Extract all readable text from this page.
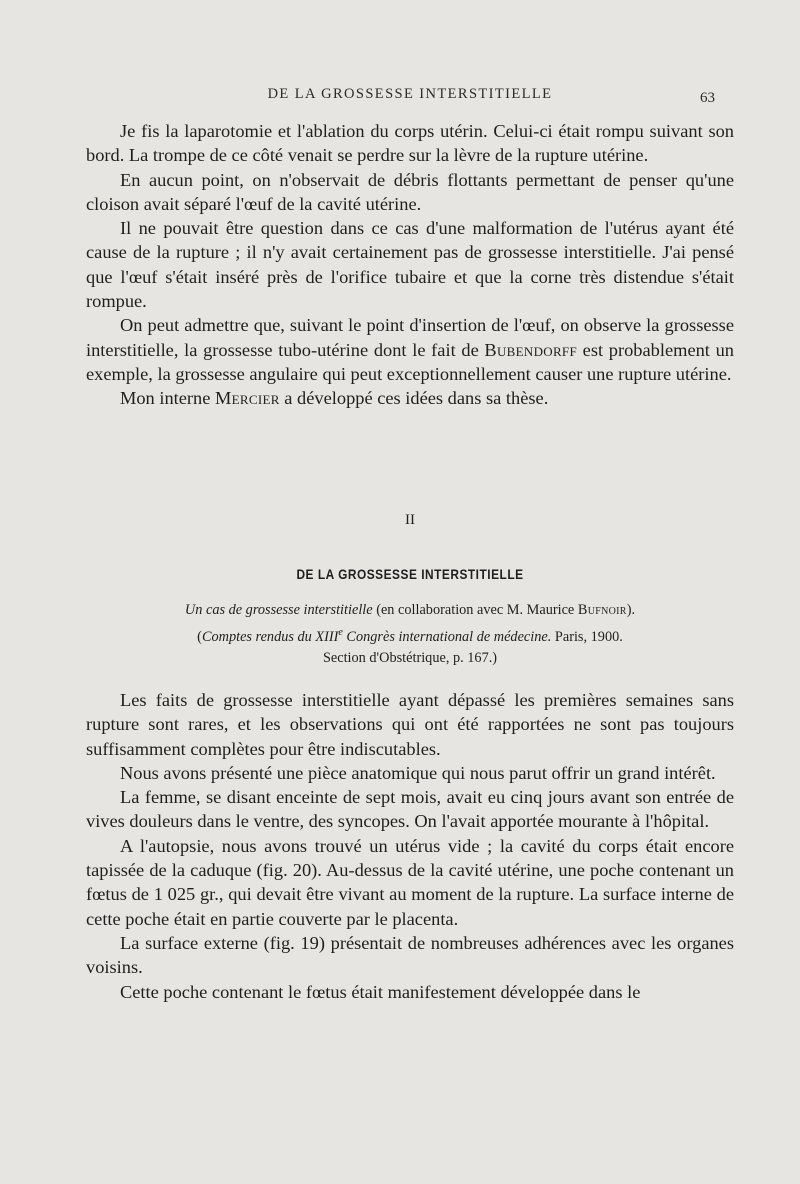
DE LA GROSSESSE INTERSTITIELLE	63

Je fis la laparotomie et l'ablation du corps utérin. Celui-ci était rompu suivant son bord. La trompe de ce côté venait se perdre sur la lèvre de la rupture utérine.

En aucun point, on n'observait de débris flottants permettant de penser qu'une cloison avait séparé l'œuf de la cavité utérine.

Il ne pouvait être question dans ce cas d'une malformation de l'utérus ayant été cause de la rupture ; il n'y avait certainement pas de grossesse interstitielle. J'ai pensé que l'œuf s'était inséré près de l'orifice tubaire et que la corne très distendue s'était rompue.

On peut admettre que, suivant le point d'insertion de l'œuf, on observe la grossesse interstitielle, la grossesse tubo-utérine dont le fait de Bubendorff est probablement un exemple, la grossesse angulaire qui peut exceptionnellement causer une rupture utérine.

Mon interne Mercier a développé ces idées dans sa thèse.

II
DE LA GROSSESSE INTERSTITIELLE
Un cas de grossesse interstitielle (en collaboration avec M. Maurice Bufnoir).
(Comptes rendus du XIIIe Congrès international de médecine. Paris, 1900.
Section d'Obstétrique, p. 167.)

Les faits de grossesse interstitielle ayant dépassé les premières semaines sans rupture sont rares, et les observations qui ont été rapportées ne sont pas toujours suffisamment complètes pour être indiscutables.

Nous avons présenté une pièce anatomique qui nous parut offrir un grand intérêt.

La femme, se disant enceinte de sept mois, avait eu cinq jours avant son entrée de vives douleurs dans le ventre, des syncopes. On l'avait apportée mourante à l'hôpital.

A l'autopsie, nous avons trouvé un utérus vide ; la cavité du corps était encore tapissée de la caduque (fig. 20). Au-dessus de la cavité utérine, une poche contenant un fœtus de 1 025 gr., qui devait être vivant au moment de la rupture. La surface interne de cette poche était en partie couverte par le placenta.

La surface externe (fig. 19) présentait de nombreuses adhérences avec les organes voisins.

Cette poche contenant le fœtus était manifestement développée dans le
